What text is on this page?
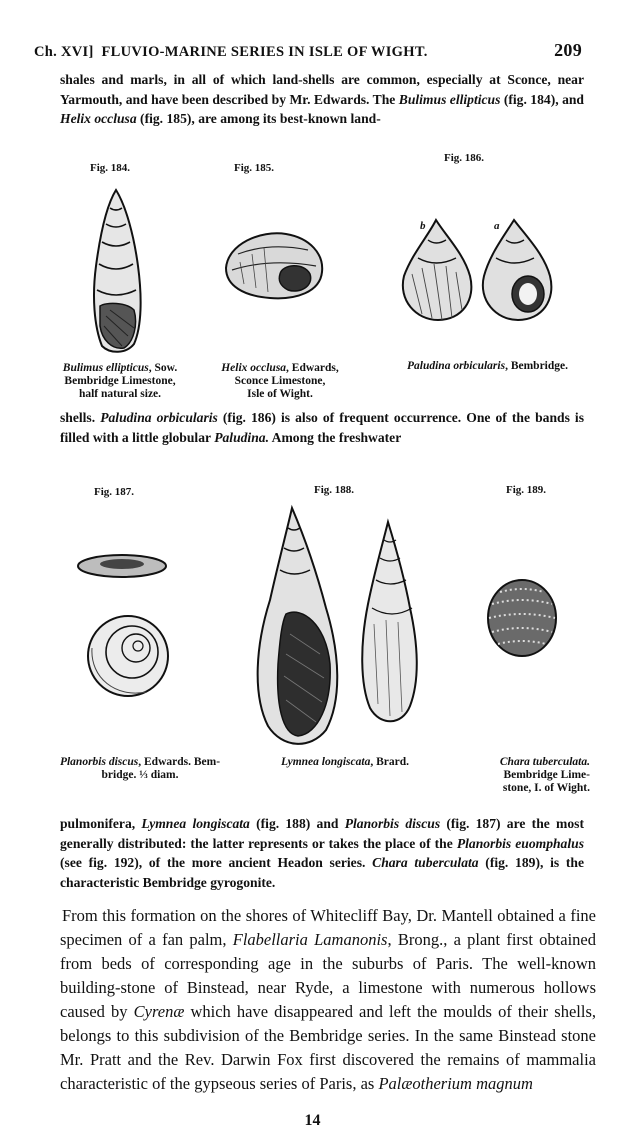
Ch. XVI] FLUVIO-MARINE SERIES IN ISLE OF WIGHT.	209
shales and marls, in all of which land-shells are common, especially at Sconce, near Yarmouth, and have been described by Mr. Edwards. The Bulimus ellipticus (fig. 184), and Helix occlusa (fig. 185), are among its best-known land-
Fig. 184.
Bulimus ellipticus, Sow.
Bembridge Limestone,
half natural size.
Fig. 185.
Helix occlusa, Edwards,
Sconce Limestone,
Isle of Wight.
Fig. 186.
b	a
Paludina orbicularis, Bembridge.
shells. Paludina orbicularis (fig. 186) is also of frequent occurrence. One of the bands is filled with a little globular Paludina. Among the freshwater
Fig. 187.
Planorbis discus, Edwards. Bem-
bridge. ⅓ diam.
Fig. 188.
Lymnea longiscata, Brard.
Fig. 189.
Chara tuberculata.
Bembridge Lime-
stone, I. of Wight.
pulmonifera, Lymnea longiscata (fig. 188) and Planorbis discus (fig. 187) are the most generally distributed: the latter represents or takes the place of the Planorbis euomphalus (see fig. 192), of the more ancient Headon series. Chara tuberculata (fig. 189), is the characteristic Bembridge gyrogonite.
From this formation on the shores of Whitecliff Bay, Dr. Mantell obtained a fine specimen of a fan palm, Flabellaria Lamanonis, Brong., a plant first obtained from beds of corresponding age in the suburbs of Paris. The well-known building-stone of Binstead, near Ryde, a limestone with numerous hollows caused by Cyrenæ which have disappeared and left the moulds of their shells, belongs to this subdivision of the Bembridge series. In the same Binstead stone Mr. Pratt and the Rev. Darwin Fox first discovered the remains of mammalia characteristic of the gypseous series of Paris, as Palæotherium magnum
14
